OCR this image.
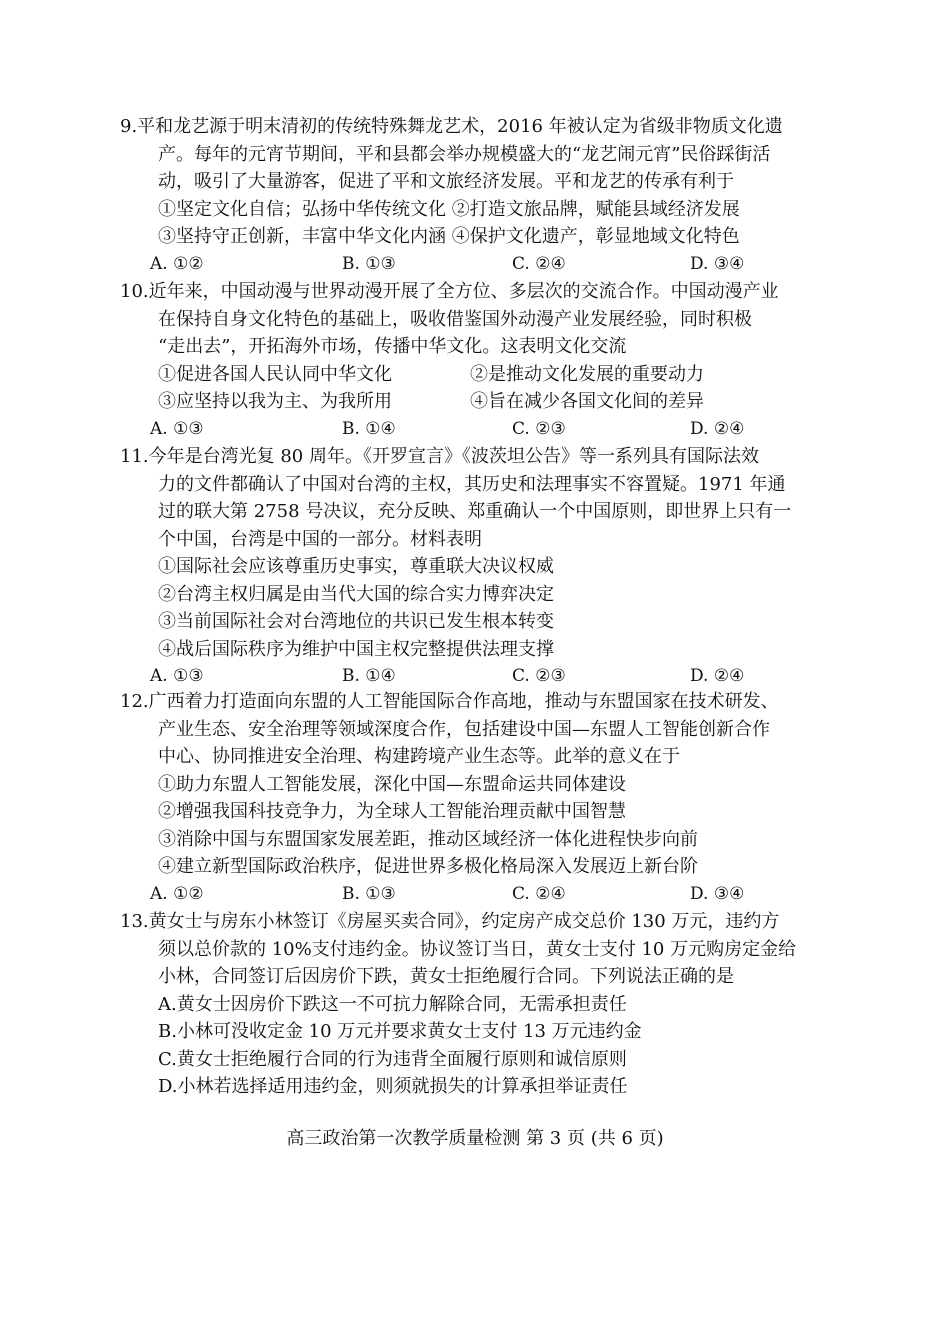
9.平和龙艺源于明末清初的传统特殊舞龙艺术，2016 年被认定为省级非物质文化遗
产。每年的元宵节期间，平和县都会举办规模盛大的“龙艺闹元宵”民俗踩街活
动，吸引了大量游客，促进了平和文旅经济发展。平和龙艺的传承有利于
①坚定文化自信；弘扬中华传统文化 ②打造文旅品牌，赋能县域经济发展
③坚持守正创新，丰富中华文化内涵 ④保护文化遗产，彰显地域文化特色
A. ①②	B. ①③	C. ②④	D. ③④
10.近年来，中国动漫与世界动漫开展了全方位、多层次的交流合作。中国动漫产业
在保持自身文化特色的基础上，吸收借鉴国外动漫产业发展经验，同时积极
“走出去”，开拓海外市场，传播中华文化。这表明文化交流
①促进各国人民认同中华文化	②是推动文化发展的重要动力
③应坚持以我为主、为我所用	④旨在减少各国文化间的差异
A. ①③	B. ①④	C. ②③	D. ②④
11.今年是台湾光复 80 周年。《开罗宣言》《波茨坦公告》等一系列具有国际法效
力的文件都确认了中国对台湾的主权，其历史和法理事实不容置疑。1971 年通
过的联大第 2758 号决议，充分反映、郑重确认一个中国原则，即世界上只有一
个中国，台湾是中国的一部分。材料表明
①国际社会应该尊重历史事实，尊重联大决议权威
②台湾主权归属是由当代大国的综合实力博弈决定
③当前国际社会对台湾地位的共识已发生根本转变
④战后国际秩序为维护中国主权完整提供法理支撑
A. ①③	B. ①④	C. ②③	D. ②④
12.广西着力打造面向东盟的人工智能国际合作高地，推动与东盟国家在技术研发、
产业生态、安全治理等领域深度合作，包括建设中国—东盟人工智能创新合作
中心、协同推进安全治理、构建跨境产业生态等。此举的意义在于
①助力东盟人工智能发展，深化中国—东盟命运共同体建设
②增强我国科技竞争力，为全球人工智能治理贡献中国智慧
③消除中国与东盟国家发展差距，推动区域经济一体化进程快步向前
④建立新型国际政治秩序，促进世界多极化格局深入发展迈上新台阶
A. ①②	B. ①③	C. ②④	D. ③④
13.黄女士与房东小林签订《房屋买卖合同》，约定房产成交总价 130 万元，违约方
须以总价款的 10%支付违约金。协议签订当日，黄女士支付 10 万元购房定金给
小林，合同签订后因房价下跌，黄女士拒绝履行合同。下列说法正确的是
A.黄女士因房价下跌这一不可抗力解除合同，无需承担责任
B.小林可没收定金 10 万元并要求黄女士支付 13 万元违约金
C.黄女士拒绝履行合同的行为违背全面履行原则和诚信原则
D.小林若选择适用违约金，则须就损失的计算承担举证责任
高三政治第一次教学质量检测 第 3 页 (共 6 页)
